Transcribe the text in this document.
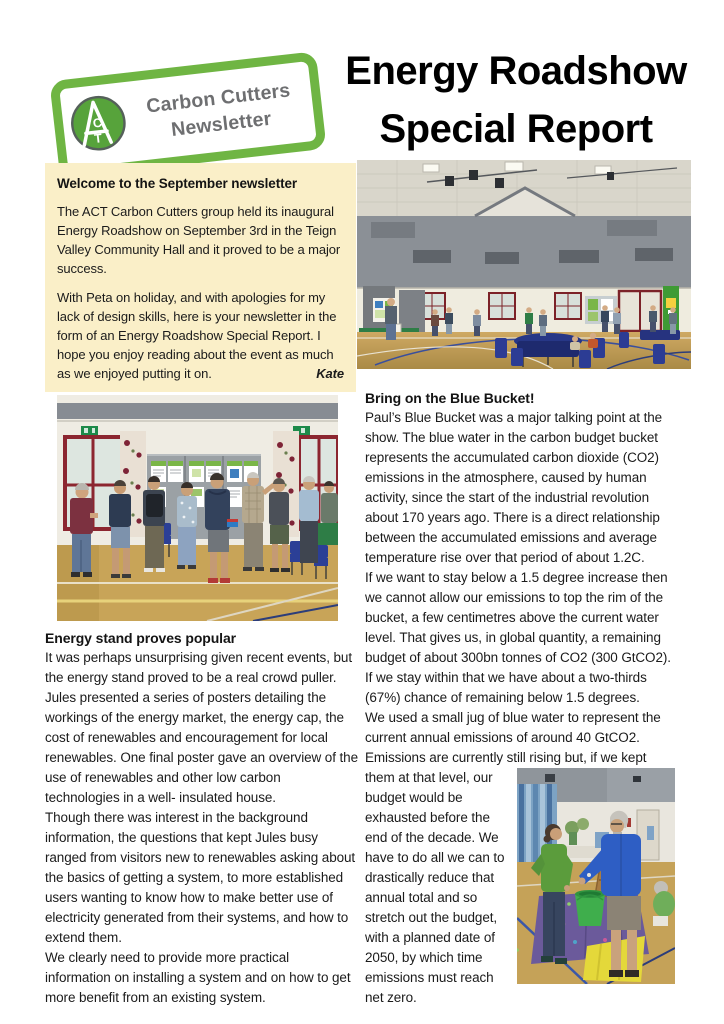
C
T
Carbon Cutters
Newsletter
Energy Roadshow
Special Report
Welcome to the September newsletter

The ACT Carbon Cutters group held its inaugural Energy Roadshow on September 3rd in the Teign Valley Community Hall and it proved to be a major success.

With Peta on holiday, and with apologies for my lack of design skills, here is your newsletter in the form of an Energy Roadshow Special Report. I hope you enjoy reading about the event as much as we enjoyed putting it on.	Kate

Energy stand proves popular

It was perhaps unsurprising given recent events, but the energy stand proved to be a real crowd puller. Jules presented a series of posters detailing the workings of the energy market, the energy cap, the cost of renewables and encouragement for local renewables. One final poster gave an overview of the use of renewables and other low carbon technologies in a well- insulated house.

Though there was interest in the background information, the questions that kept Jules busy ranged from visitors new to renewables asking about the basics of getting a system, to more established users wanting to know how to make better use of electricity generated from their systems, and how to extend them.

We clearly need to provide more practical information on installing a system and on how to get more benefit from an existing system.

Bring on the Blue Bucket!

Paul’s Blue Bucket was a major talking point at the show. The blue water in the carbon budget bucket represents the accumulated carbon dioxide (CO2) emissions in the atmosphere, caused by human activity, since the start of the industrial revolution about 170 years ago. There is a direct relationship between the accumulated emissions and average temperature rise over that period of about 1.2C.

If we want to stay below a 1.5 degree increase then we cannot allow our emissions to top the rim of the bucket, a few centimetres above the current water level. That gives us, in global quantity, a remaining budget of about 300bn tonnes of CO2 (300 GtCO2). If we stay within that we have about a two-thirds (67%) chance of remaining below 1.5 degrees.

We used a small jug of blue water to represent the current annual emissions of around 40 GtCO2. Emissions are currently still rising but, if we kept

them at that level, our budget would be exhausted before the end of the decade. We have to do all we can to drastically reduce that annual total and so stretch out the budget, with a planned date of 2050, by which time emissions must reach net zero.
